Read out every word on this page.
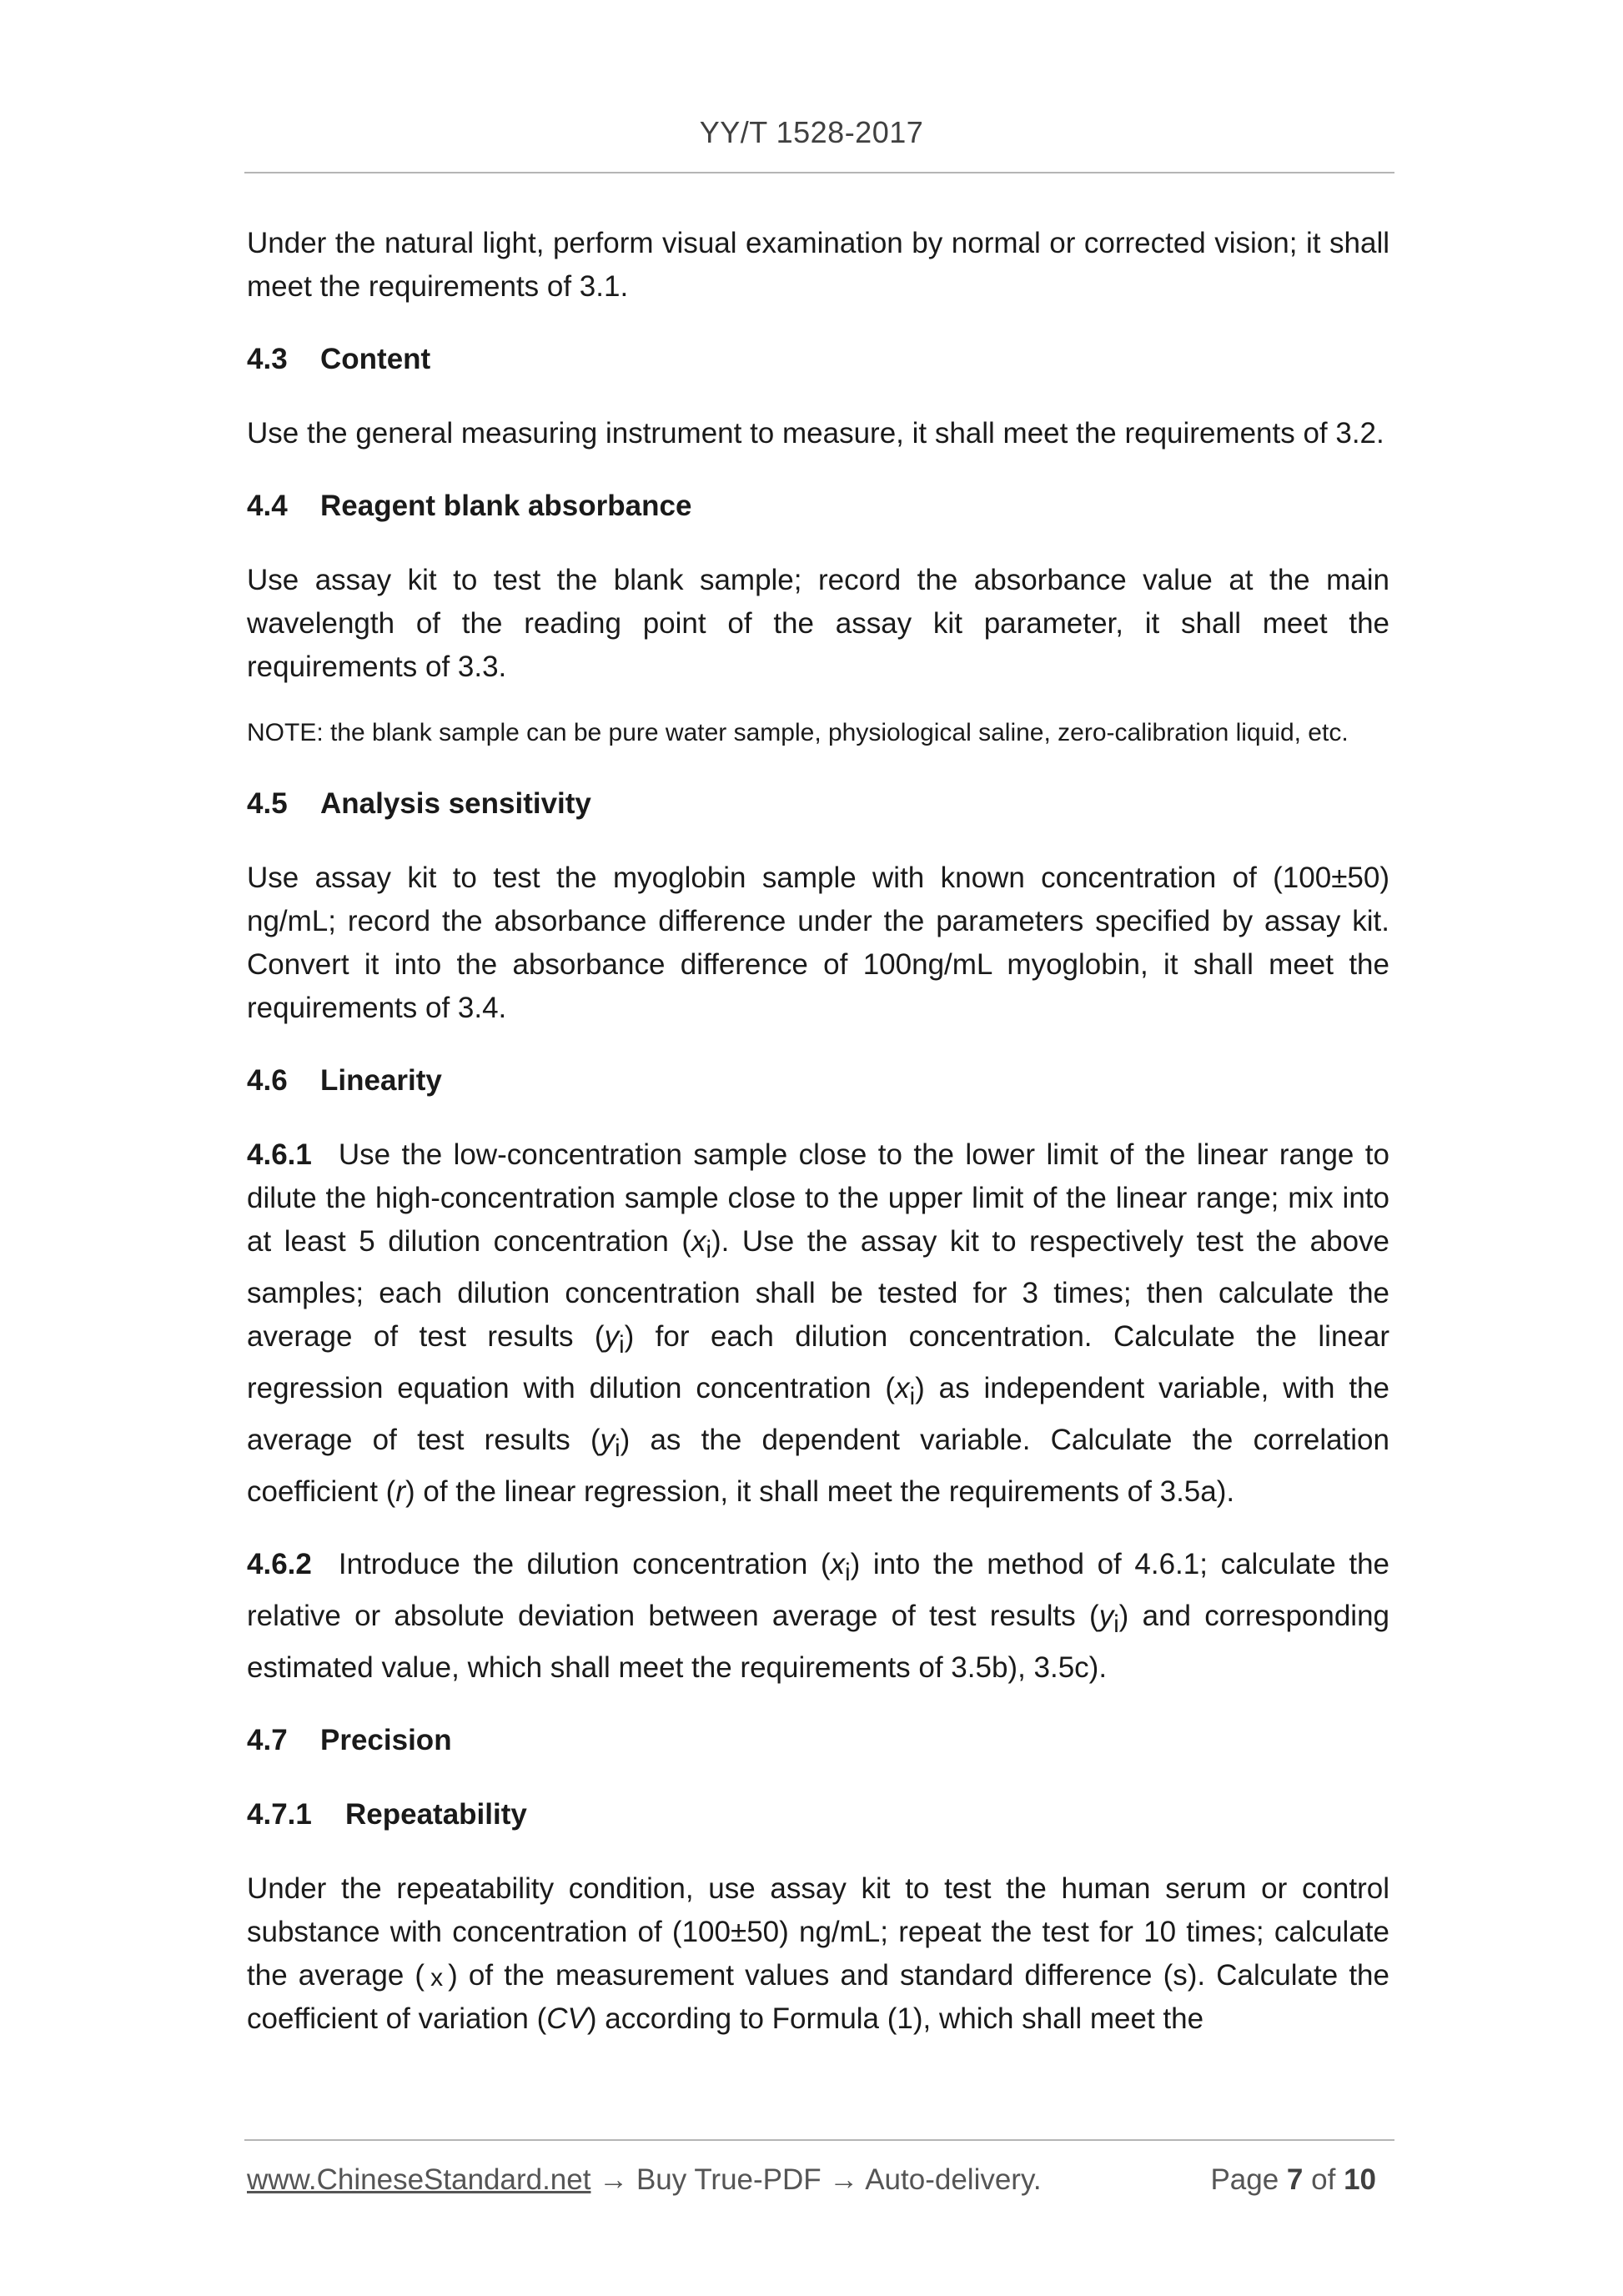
YY/T 1528-2017

Under the natural light, perform visual examination by normal or corrected vision; it shall meet the requirements of 3.1.

4.3 Content

Use the general measuring instrument to measure, it shall meet the requirements of 3.2.

4.4 Reagent blank absorbance

Use assay kit to test the blank sample; record the absorbance value at the main wavelength of the reading point of the assay kit parameter, it shall meet the requirements of 3.3.

NOTE: the blank sample can be pure water sample, physiological saline, zero-calibration liquid, etc.

4.5 Analysis sensitivity

Use assay kit to test the myoglobin sample with known concentration of (100±50) ng/mL; record the absorbance difference under the parameters specified by assay kit. Convert it into the absorbance difference of 100ng/mL myoglobin, it shall meet the requirements of 3.4.

4.6 Linearity

4.6.1 Use the low-concentration sample close to the lower limit of the linear range to dilute the high-concentration sample close to the upper limit of the linear range; mix into at least 5 dilution concentration $(x_i)$. Use the assay kit to respectively test the above samples; each dilution concentration shall be tested for 3 times; then calculate the average of test results $(y_i)$ for each dilution concentration. Calculate the linear regression equation with dilution concentration $(x_i)$ as independent variable, with the average of test results $(y_i)$ as the dependent variable. Calculate the correlation coefficient (r) of the linear regression, it shall meet the requirements of 3.5a).

4.6.2 Introduce the dilution concentration $(x_i)$ into the method of 4.6.1; calculate the relative or absolute deviation between average of test results $(y_i)$ and corresponding estimated value, which shall meet the requirements of 3.5b), 3.5c).

4.7 Precision
4.7.1 Repeatability

Under the repeatability condition, use assay kit to test the human serum or control substance with concentration of (100±50) ng/mL; repeat the test for 10 times; calculate the average ( ) of the measurement values and standard difference (s). Calculate the coefficient of variation (CV) according to Formula (1), which shall meet the

www.ChineseStandard.net → Buy True-PDF → Auto-delivery.	Page 7 of 10
